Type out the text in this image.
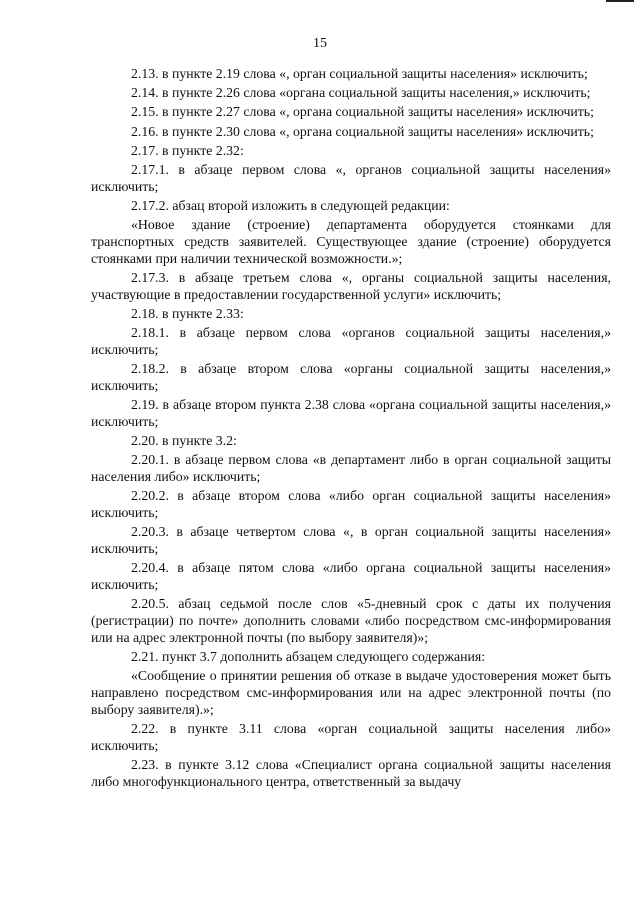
15

2.13. в пункте 2.19 слова «, орган социальной защиты населения» исключить;

2.14. в пункте 2.26 слова «органа социальной защиты населения,» исключить;

2.15. в пункте 2.27 слова «, органа социальной защиты населения» исключить;

2.16. в пункте 2.30 слова «, органа социальной защиты населения» исключить;

2.17. в пункте 2.32:

2.17.1. в абзаце первом слова «, органов социальной защиты населения» исключить;

2.17.2. абзац второй изложить в следующей редакции:

«Новое здание (строение) департамента оборудуется стоянками для транспортных средств заявителей. Существующее здание (строение) оборудуется стоянками при наличии технической возможности.»;

2.17.3. в абзаце третьем слова «, органы социальной защиты населения, участвующие в предоставлении государственной услуги» исключить;

2.18. в пункте 2.33:

2.18.1. в абзаце первом слова «органов социальной защиты населения,» исключить;

2.18.2. в абзаце втором слова «органы социальной защиты населения,» исключить;

2.19. в абзаце втором пункта 2.38 слова «органа социальной защиты населения,» исключить;

2.20. в пункте 3.2:

2.20.1. в абзаце первом слова «в департамент либо в орган социальной защиты населения либо» исключить;

2.20.2. в абзаце втором слова «либо орган социальной защиты населения» исключить;

2.20.3. в абзаце четвертом слова «, в орган социальной защиты населения» исключить;

2.20.4. в абзаце пятом слова «либо органа социальной защиты населения» исключить;

2.20.5. абзац седьмой после слов «5-дневный срок с даты их получения (регистрации) по почте» дополнить словами «либо посредством смс-информирования или на адрес электронной почты (по выбору заявителя)»;

2.21. пункт 3.7 дополнить абзацем следующего содержания:

«Сообщение о принятии решения об отказе в выдаче удостоверения может быть направлено посредством смс-информирования или на адрес электронной почты (по выбору заявителя).»;

2.22. в пункте 3.11 слова «орган социальной защиты населения либо» исключить;

2.23. в пункте 3.12 слова «Специалист органа социальной защиты населения либо многофункционального центра, ответственный за выдачу
